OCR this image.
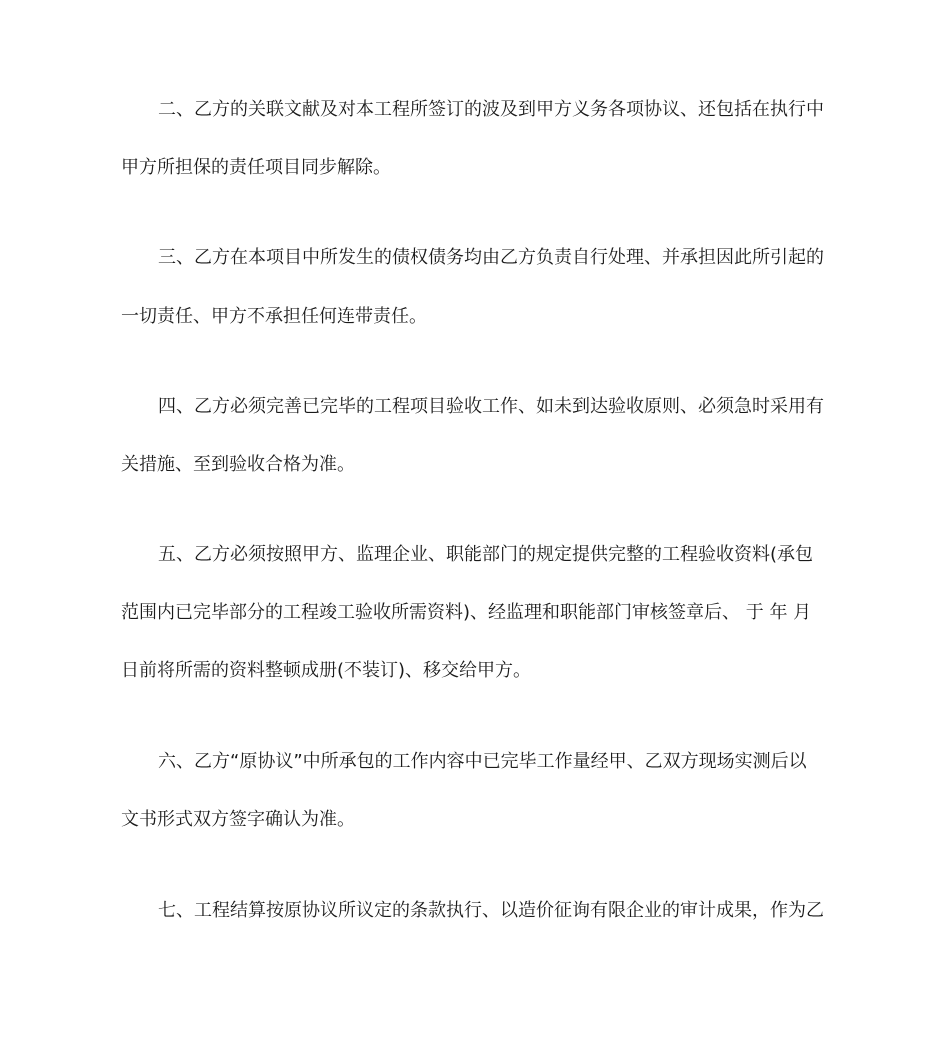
二、乙方的关联文献及对本工程所签订的波及到甲方义务各项协议、还包括在执行中
甲方所担保的责任项目同步解除。
三、乙方在本项目中所发生的债权债务均由乙方负责自行处理、并承担因此所引起的
一切责任、甲方不承担任何连带责任。
四、乙方必须完善已完毕的工程项目验收工作、如未到达验收原则、必须急时采用有
关措施、至到验收合格为准。
五、乙方必须按照甲方、监理企业、职能部门的规定提供完整的工程验收资料(承包
范围内已完毕部分的工程竣工验收所需资料)、经监理和职能部门审核签章后、 于 年 月
日前将所需的资料整顿成册(不装订)、移交给甲方。
六、乙方“原协议”中所承包的工作内容中已完毕工作量经甲、乙双方现场实测后以
文书形式双方签字确认为准。
七、工程结算按原协议所议定的条款执行、以造价征询有限企业的审计成果，作为乙
